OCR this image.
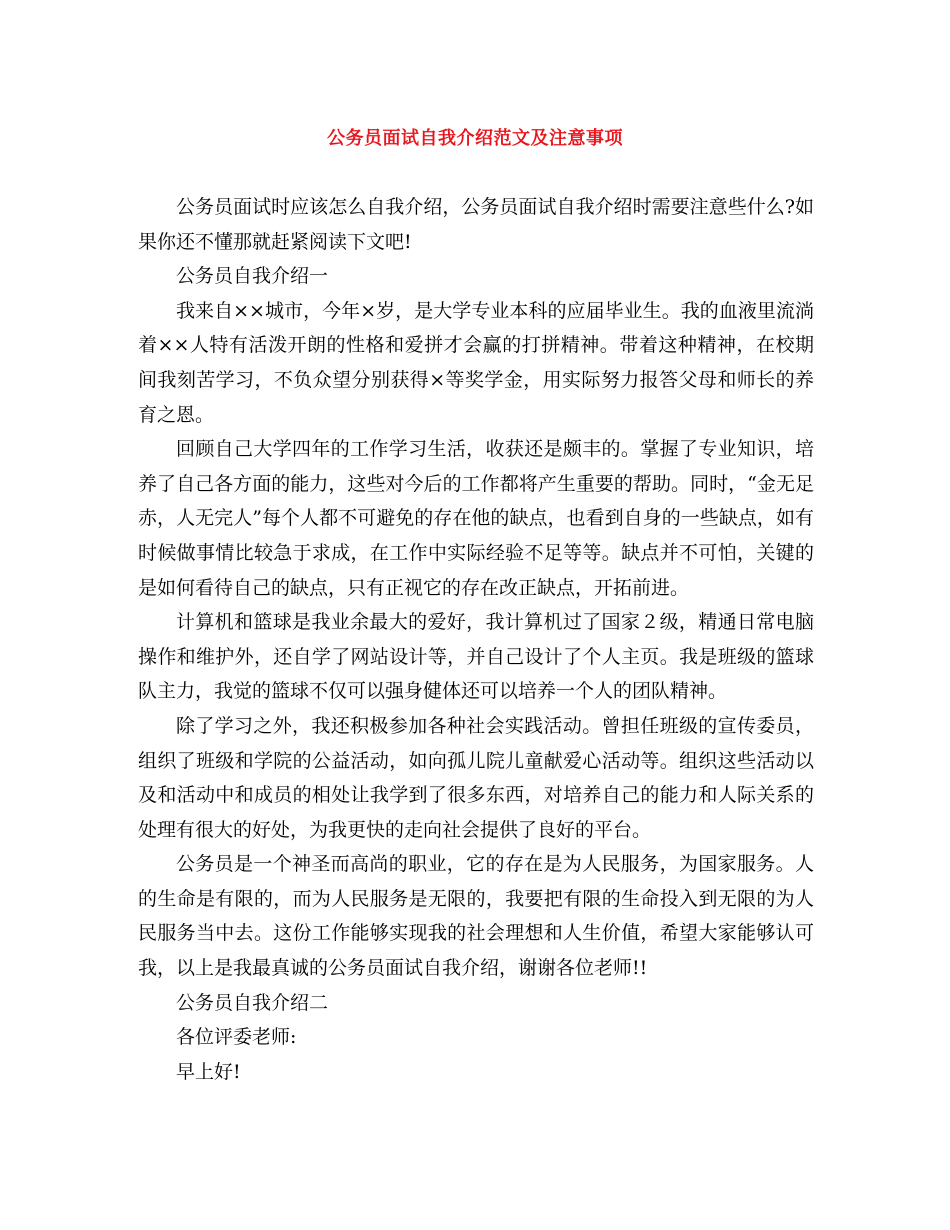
公务员面试自我介绍范文及注意事项

公务员面试时应该怎么自我介绍，公务员面试自我介绍时需要注意些什么?如果你还不懂那就赶紧阅读下文吧!

公务员自我介绍一

我来自××城市，今年×岁，是大学专业本科的应届毕业生。我的血液里流淌着××人特有活泼开朗的性格和爱拼才会赢的打拼精神。带着这种精神，在校期间我刻苦学习，不负众望分别获得×等奖学金，用实际努力报答父母和师长的养育之恩。

回顾自己大学四年的工作学习生活，收获还是颇丰的。掌握了专业知识，培养了自己各方面的能力，这些对今后的工作都将产生重要的帮助。同时，“金无足赤，人无完人”每个人都不可避免的存在他的缺点，也看到自身的一些缺点，如有时候做事情比较急于求成，在工作中实际经验不足等等。缺点并不可怕，关键的是如何看待自己的缺点，只有正视它的存在改正缺点，开拓前进。

计算机和篮球是我业余最大的爱好，我计算机过了国家２级，精通日常电脑操作和维护外，还自学了网站设计等，并自己设计了个人主页。我是班级的篮球队主力，我觉的篮球不仅可以强身健体还可以培养一个人的团队精神。

除了学习之外，我还积极参加各种社会实践活动。曾担任班级的宣传委员，组织了班级和学院的公益活动，如向孤儿院儿童献爱心活动等。组织这些活动以及和活动中和成员的相处让我学到了很多东西，对培养自己的能力和人际关系的处理有很大的好处，为我更快的走向社会提供了良好的平台。

公务员是一个神圣而高尚的职业，它的存在是为人民服务，为国家服务。人的生命是有限的，而为人民服务是无限的，我要把有限的生命投入到无限的为人民服务当中去。这份工作能够实现我的社会理想和人生价值，希望大家能够认可我，以上是我最真诚的公务员面试自我介绍，谢谢各位老师!!

公务员自我介绍二

各位评委老师:

早上好!
